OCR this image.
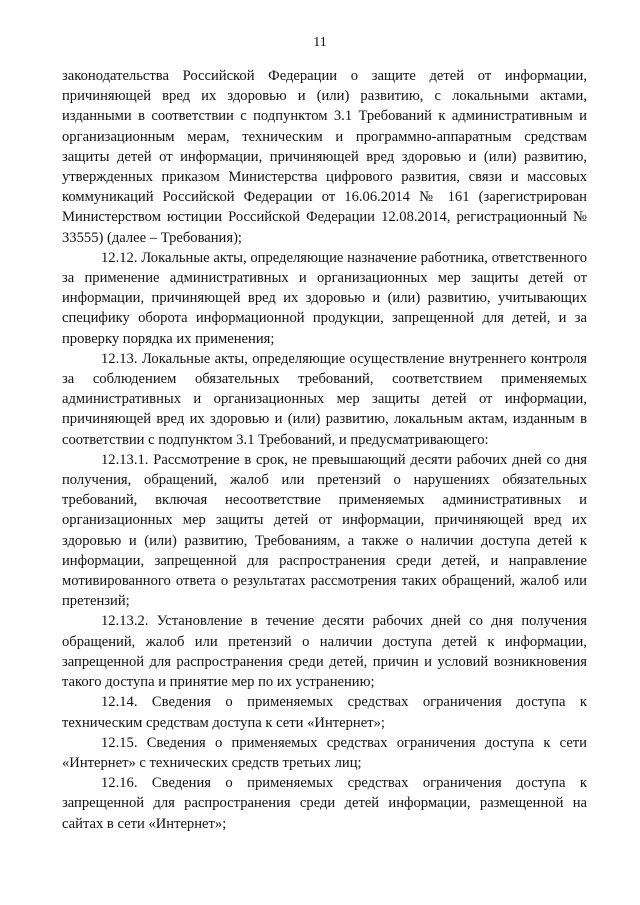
11

законодательства Российской Федерации о защите детей от информации, причиняющей вред их здоровью и (или) развитию, с локальными актами, изданными в соответствии с подпунктом 3.1 Требований к административным и организационным мерам, техническим и программно-аппаратным средствам защиты детей от информации, причиняющей вред здоровью и (или) развитию, утвержденных приказом Министерства цифрового развития, связи и массовых коммуникаций Российской Федерации от 16.06.2014 № 161 (зарегистрирован Министерством юстиции Российской Федерации 12.08.2014, регистрационный № 33555) (далее – Требования);

12.12. Локальные акты, определяющие назначение работника, ответственного за применение административных и организационных мер защиты детей от информации, причиняющей вред их здоровью и (или) развитию, учитывающих специфику оборота информационной продукции, запрещенной для детей, и за проверку порядка их применения;

12.13. Локальные акты, определяющие осуществление внутреннего контроля за соблюдением обязательных требований, соответствием применяемых административных и организационных мер защиты детей от информации, причиняющей вред их здоровью и (или) развитию, локальным актам, изданным в соответствии с подпунктом 3.1 Требований, и предусматривающего:

12.13.1. Рассмотрение в срок, не превышающий десяти рабочих дней со дня получения, обращений, жалоб или претензий о нарушениях обязательных требований, включая несоответствие применяемых административных и организационных мер защиты детей от информации, причиняющей вред их здоровью и (или) развитию, Требованиям, а также о наличии доступа детей к информации, запрещенной для распространения среди детей, и направление мотивированного ответа о результатах рассмотрения таких обращений, жалоб или претензий;

12.13.2. Установление в течение десяти рабочих дней со дня получения обращений, жалоб или претензий о наличии доступа детей к информации, запрещенной для распространения среди детей, причин и условий возникновения такого доступа и принятие мер по их устранению;

12.14. Сведения о применяемых средствах ограничения доступа к техническим средствам доступа к сети «Интернет»;

12.15. Сведения о применяемых средствах ограничения доступа к сети «Интернет» с технических средств третьих лиц;

12.16. Сведения о применяемых средствах ограничения доступа к запрещенной для распространения среди детей информации, размещенной на сайтах в сети «Интернет»;
